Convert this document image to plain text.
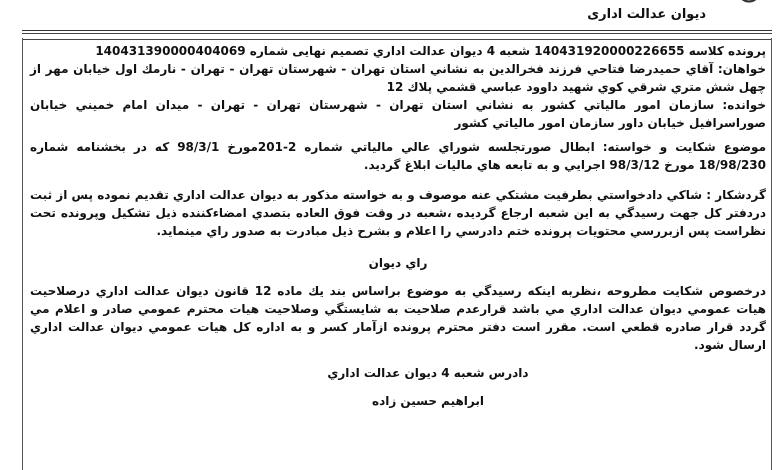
دیوان عدالت اداری

پرونده کلاسه 140431920000226655 شعبه 4 دیوان عدالت اداري تصمیم نهایی شماره 140431390000404069

خواهان: آقاي حمیدرضا فتاحي فرزند فخرالدین به نشاني استان تهران - شهرستان تهران - تهران - نارمك اول خیابان مهر از چهل شش متري شرقي كوي شهید داوود عباسي قشمي پلاك 12

خوانده: سازمان امور مالیاتي كشور به نشاني استان تهران - شهرستان تهران - تهران - میدان امام خمیني خیابان صوراسرافیل خیابان داور سازمان امور مالیاتي كشور

موضوع شكایت و خواسته: ابطال صورتجلسه شوراي عالي مالیاتي شماره 2-201مورخ 98/3/1 كه در بخشنامه شماره 18/98/230 مورخ 98/3/12 اجرایي و به تابعه هاي مالیات ابلاغ گردید.

گردشكار : شاكي دادخواستي بطرفیت مشتكي عنه موصوف و به خواسته مذكور به دیوان عدالت اداري تقدیم نموده پس از ثبت دردفتر كل جهت رسیدگي به این شعبه ارجاع گردیده ،شعبه در وقت فوق العاده بتصدي امضاءكننده ذیل تشكیل وپرونده تحت نظراست پس ازبررسي محتویات پرونده ختم دادرسي را اعلام و بشرح ذیل مبادرت به صدور راي مینماید.

راي دیوان

درخصوص شكایت مطروحه ،نظربه اینكه رسیدگي به موضوع براساس بند یك ماده 12 قانون دیوان عدالت اداري درصلاحیت هیات عمومي دیوان عدالت اداري مي باشد قرارعدم صلاحیت به شایستگي وصلاحیت هیات محترم عمومي صادر و اعلام مي گردد قرار صادره قطعي است. مقرر است دفتر محترم پرونده ازآمار كسر و به اداره كل هیات عمومي دیوان عدالت اداري ارسال شود.

دادرس شعبه 4 دیوان عدالت اداري

ابراهیم حسین زاده
